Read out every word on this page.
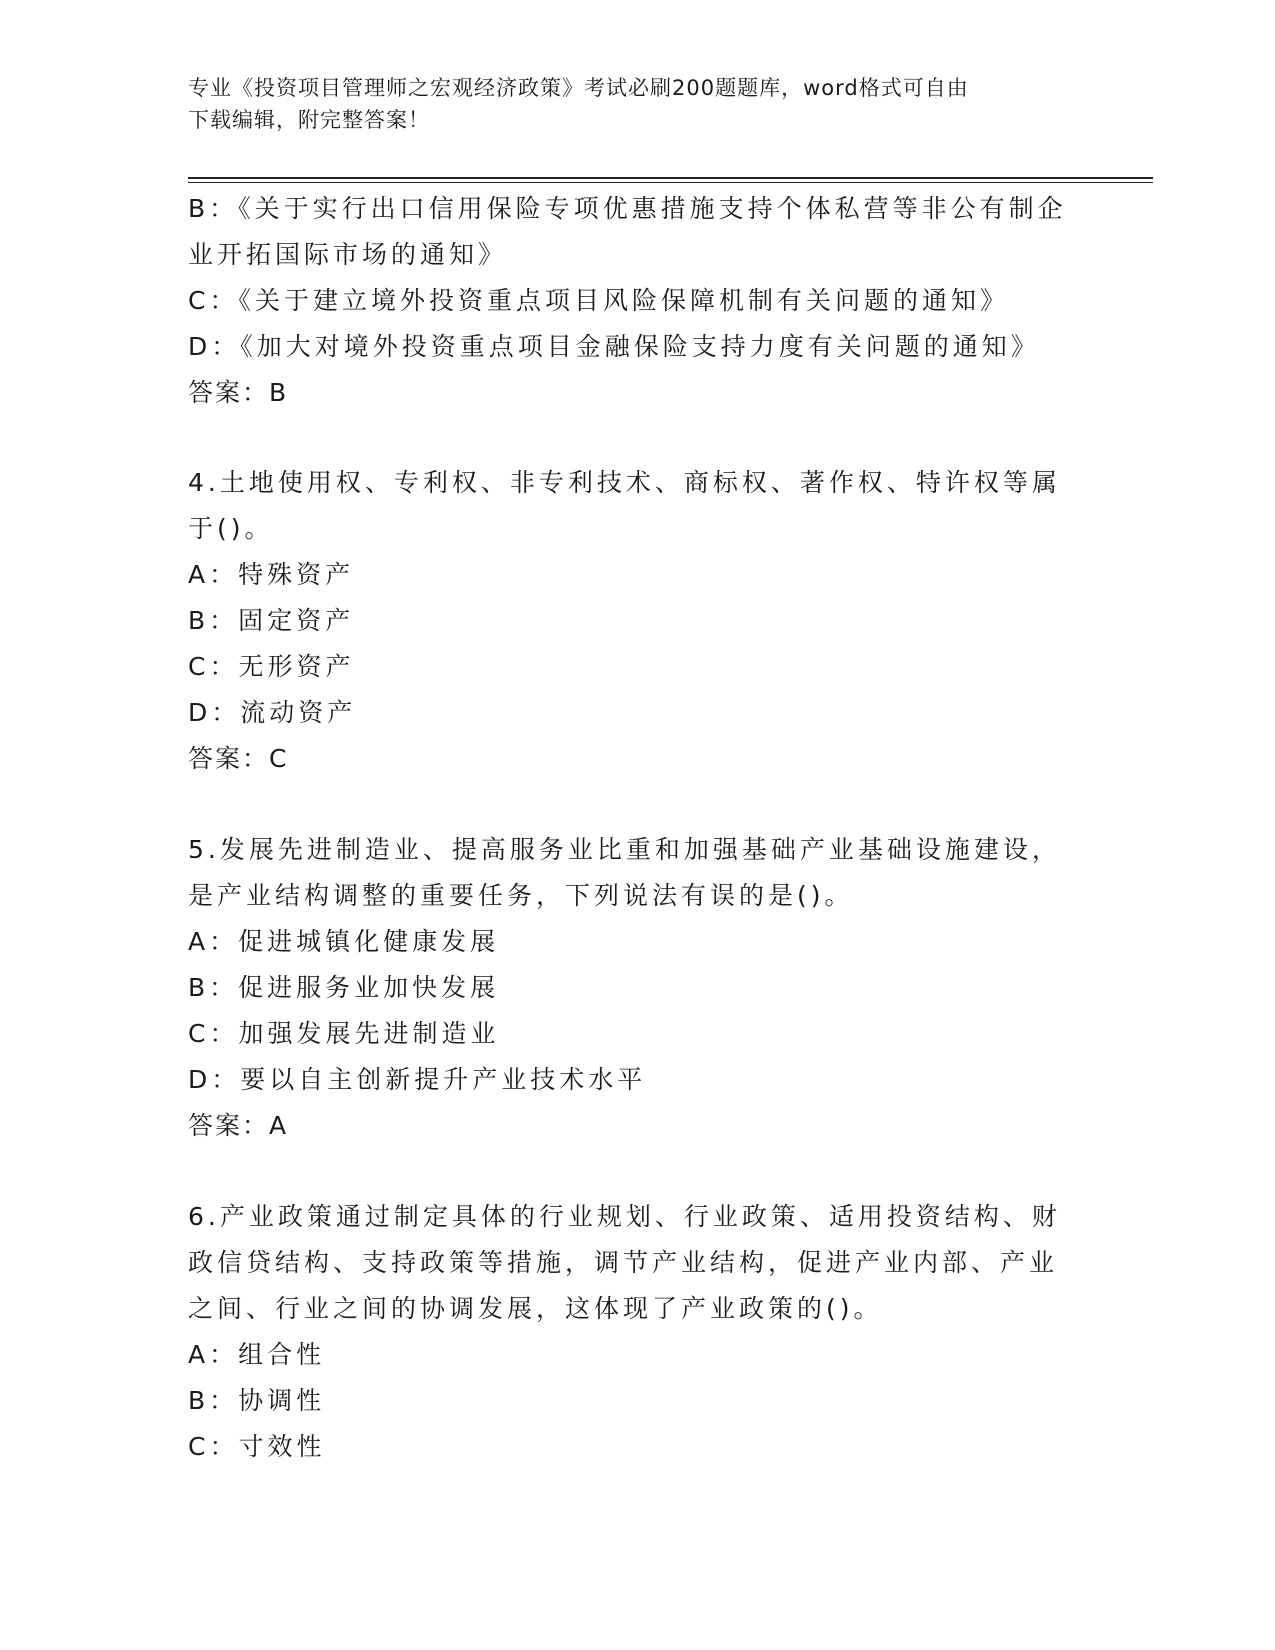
专业《投资项目管理师之宏观经济政策》考试必刷200题题库，word格式可自由
下载编辑，附完整答案！
B：《关于实行出口信用保险专项优惠措施支持个体私营等非公有制企
业开拓国际市场的通知》
C：《关于建立境外投资重点项目风险保障机制有关问题的通知》
D：《加大对境外投资重点项目金融保险支持力度有关问题的通知》
答案：B
4.土地使用权、专利权、非专利技术、商标权、著作权、特许权等属
于()。
A：特殊资产
B：固定资产
C：无形资产
D：流动资产
答案：C
5.发展先进制造业、提高服务业比重和加强基础产业基础设施建设，
是产业结构调整的重要任务，下列说法有误的是()。
A：促进城镇化健康发展
B：促进服务业加快发展
C：加强发展先进制造业
D：要以自主创新提升产业技术水平
答案：A
6.产业政策通过制定具体的行业规划、行业政策、适用投资结构、财
政信贷结构、支持政策等措施，调节产业结构，促进产业内部、产业
之间、行业之间的协调发展，这体现了产业政策的()。
A：组合性
B：协调性
C：寸效性
